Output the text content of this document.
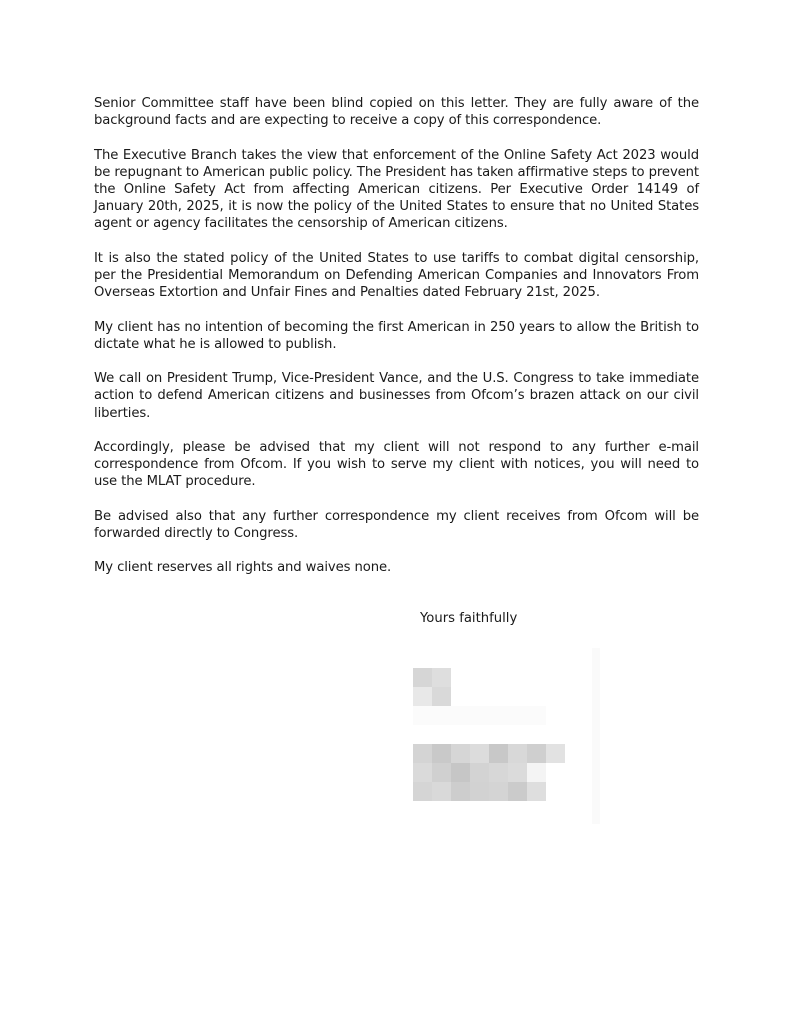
Senior Committee staff have been blind copied on this letter. They are fully aware of the background facts and are expecting to receive a copy of this correspondence.

The Executive Branch takes the view that enforcement of the Online Safety Act 2023 would be repugnant to American public policy. The President has taken affirmative steps to prevent the Online Safety Act from affecting American citizens. Per Executive Order 14149 of January 20th, 2025, it is now the policy of the United States to ensure that no United States agent or agency facilitates the censorship of American citizens.

It is also the stated policy of the United States to use tariffs to combat digital censorship, per the Presidential Memorandum on Defending American Companies and Innovators From Overseas Extortion and Unfair Fines and Penalties dated February 21st, 2025.

My client has no intention of becoming the first American in 250 years to allow the British to dictate what he is allowed to publish.

We call on President Trump, Vice-President Vance, and the U.S. Congress to take immediate action to defend American citizens and businesses from Ofcom’s brazen attack on our civil liberties.

Accordingly, please be advised that my client will not respond to any further e-mail correspondence from Ofcom. If you wish to serve my client with notices, you will need to use the MLAT procedure.

Be advised also that any further correspondence my client receives from Ofcom will be forwarded directly to Congress.

My client reserves all rights and waives none.

Yours faithfully
